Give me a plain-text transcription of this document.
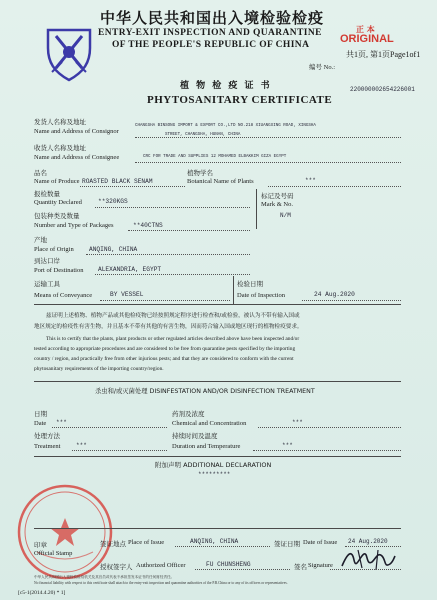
中华人民共和国出入境检验检疫
ENTRY-EXIT INSPECTION AND QUARANTINE
OF THE PEOPLE'S REPUBLIC OF CHINA
正 本
ORIGINAL
共1页, 第1页Page1of1
编号 No.:
220000002654226001
植 物 检 疫 证 书
PHYTOSANITARY CERTIFICATE
发货人名称及地址
Name and Address of Consignor
CHANGSHA BINSONG IMPORT & EXPORT CO.,LTD NO.218 XIUANGXING ROAD, XINGSHA
STREET, CHANGSHA, HUNAN, CHINA
收货人名称及地址
Name and Address of Consignee	CRC FOR TRADE AND SUPPLIES 12 MOHAMED ELBAKKIM GIZA EGYPT
品名
Name of Produce ROASTED BLACK SENAM
植物学名
Botanical Name of Plants	***
报检数量
Quantity Declared	**320KGS
标记及号码
Mark & No.
N/M
包装种类及数量
Number and Type of Packages	**40CTNS
产地
Place of Origin ANQING, CHINA
到达口岸
Port of Destination ALEXANDRIA, EGYPT
运输工具
Means of Conveyance	BY VESSEL
检验日期
Date of Inspection	24 Aug.2020
兹证明上述植物、植物产品或其他检疫物已经按照规定程序进行检查和/或检验，被认为不带有输入国或
地区规定的检疫性有害生物，并且基本不带有其他的有害生物，因而符合输入国或地区现行的植物检疫要求。
This is to certify that the plants, plant products or other regulated articles described above have been inspected and/or
tested according to appropriate procedures and are considered to be free from quarantine pests specified by the importing
country / region, and practically free from other injurious pests; and that they are considered to conform with the current
phytosanitary requirements of the importing country/region.
杀虫和/或灭菌处理 DISINFESTATION AND/OR DISINFECTION TREATMENT
日期
Date ***
药剂及浓度
Chemical and Concentration	***
处理方法
Treatment	***
持续时间及温度
Duration and Temperature	***
附加声明 ADDITIONAL DECLARATION
*********
印章
Official Stamp
签证地点 Place of Issue	ANQING, CHINA	签证日期 Date of Issue 24 Aug.2020
授权签字人 Authorized Officer	FU CHUNSHENG	签名 Signature
中华人民共和国出入境检验检疫机关及其官员或代表不承担签发本证书的任何财经责任。
No financial liability with respect to this certificate shall attach to the entry-exit inspection and quarantine authorities of the P.R.China or to any of its officers or representatives.
[c5-1(2014.4.20) * 1]
